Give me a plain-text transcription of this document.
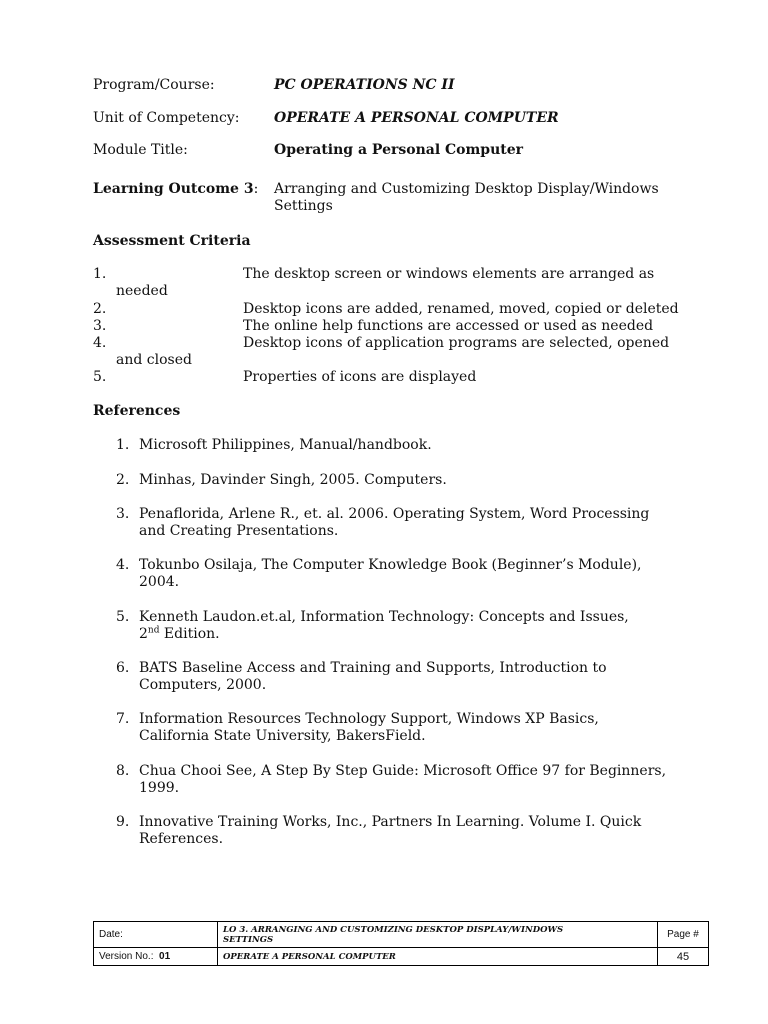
Program/Course:	PC OPERATIONS NC II
Unit of Competency: OPERATE A PERSONAL COMPUTER
Module Title:	Operating a Personal Computer
Learning Outcome 3: Arranging and Customizing Desktop Display/Windows
Settings
Assessment Criteria
1.	The desktop screen or windows elements are arranged as
needed
2.	Desktop icons are added, renamed, moved, copied or deleted
3.	The online help functions are accessed or used as needed
4.	Desktop icons of application programs are selected, opened
and closed
5.	Properties of icons are displayed
References
1. Microsoft Philippines, Manual/handbook.
2. Minhas, Davinder Singh, 2005. Computers.
3. Penaflorida, Arlene R., et. al. 2006. Operating System, Word Processing
and Creating Presentations.
4. Tokunbo Osilaja, The Computer Knowledge Book (Beginner’s Module),
2004.
5. Kenneth Laudon.et.al, Information Technology: Concepts and Issues,
2nd Edition.
6. BATS Baseline Access and Training and Supports, Introduction to
Computers, 2000.
7. Information Resources Technology Support, Windows XP Basics,
California State University, BakersField.
8. Chua Chooi See, A Step By Step Guide: Microsoft Office 97 for Beginners,
1999.
9. Innovative Training Works, Inc., Partners In Learning. Volume I. Quick
References.
Date:	LO 3. ARRANGING AND CUSTOMIZING DESKTOP DISPLAY/WINDOWS
SETTINGS	Page #
Version No.: 01	OPERATE A PERSONAL COMPUTER	45
